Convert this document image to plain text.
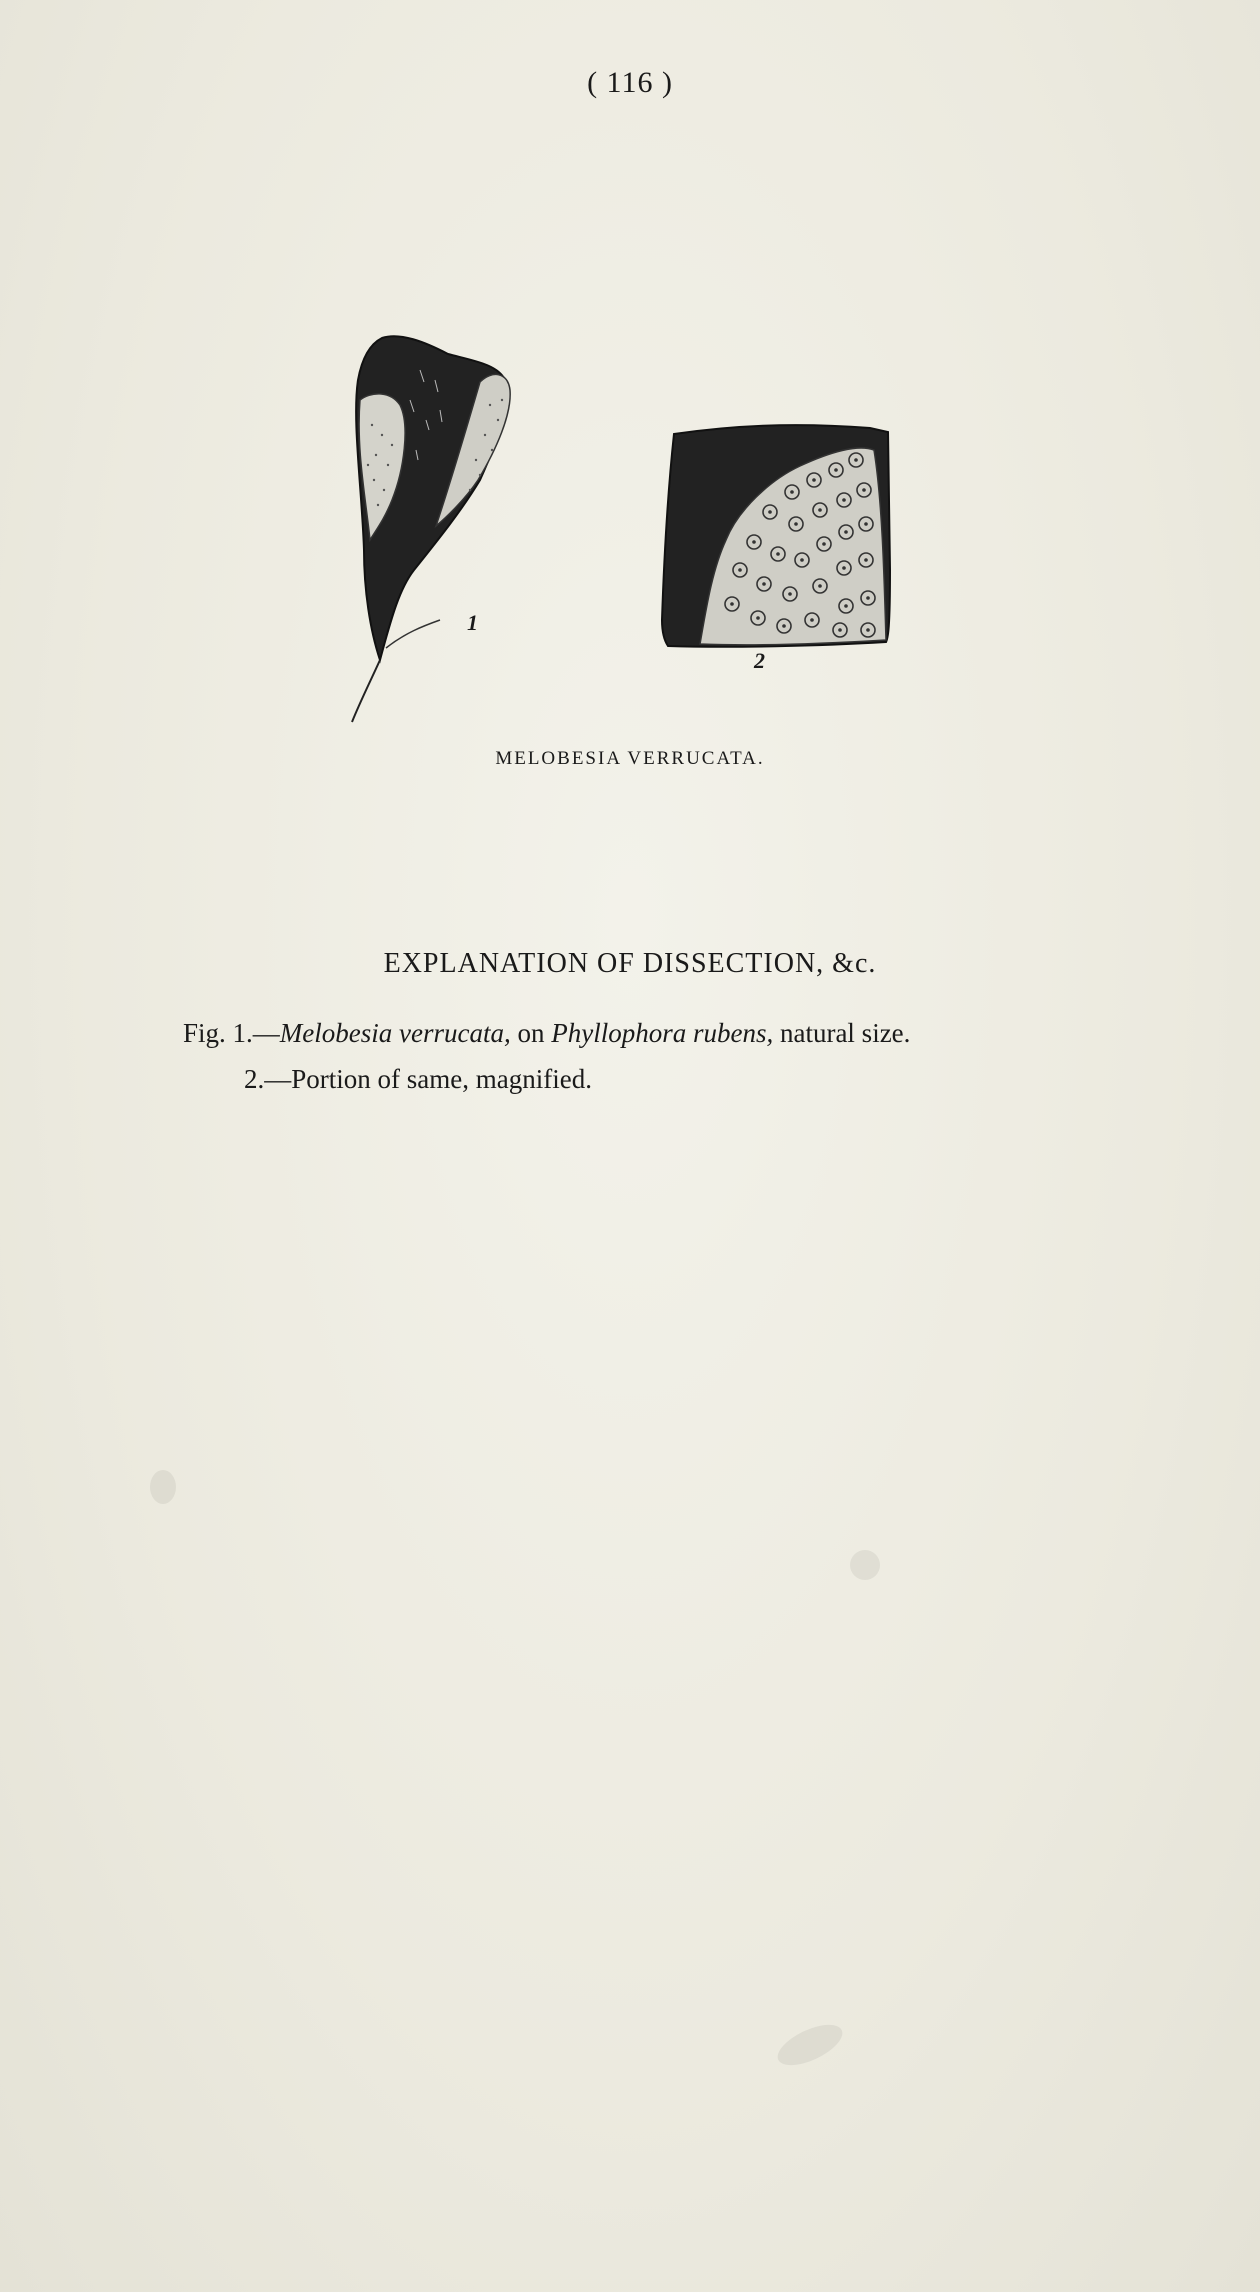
( 116 )
1
2
MELOBESIA VERRUCATA.
EXPLANATION OF DISSECTION, &c.
Fig. 1.—Melobesia verrucata, on Phyllophora rubens, natural size.
2.—Portion of same, magnified.
